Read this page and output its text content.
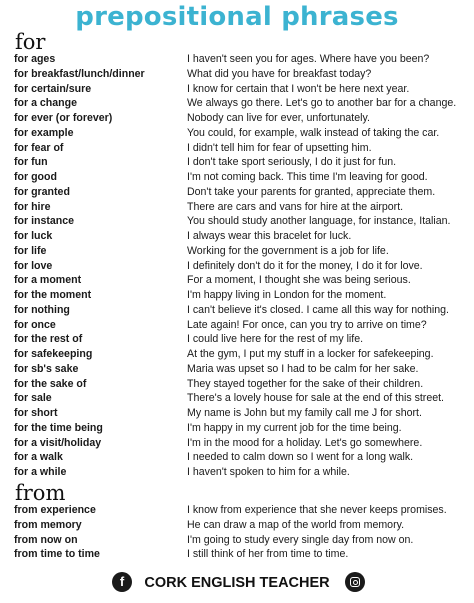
prepositional phrases
for
for ages	I haven't seen you for ages. Where have you been?
for breakfast/lunch/dinner	What did you have for breakfast today?
for certain/sure	I know for certain that I won't be here next year.
for a change	We always go there. Let's go to another bar for a change.
for ever (or forever)	Nobody can live for ever, unfortunately.
for example	You could, for example, walk instead of taking the car.
for fear of	I didn't tell him for fear of upsetting him.
for fun	I don't take sport seriously, I do it just for fun.
for good	I'm not coming back. This time I'm leaving for good.
for granted	Don't take your parents for granted, appreciate them.
for hire	There are cars and vans for hire at the airport.
for instance	You should study another language, for instance, Italian.
for luck	I always wear this bracelet for luck.
for life	Working for the government is a job for life.
for love	I definitely don't do it for the money, I do it for love.
for a moment	For a moment, I thought she was being serious.
for the moment	I'm happy living in London for the moment.
for nothing	I can't believe it's closed. I came all this way for nothing.
for once	Late again! For once, can you try to arrive on time?
for the rest of	I could live here for the rest of my life.
for safekeeping	At the gym, I put my stuff in a locker for safekeeping.
for sb's sake	Maria was upset so I had to be calm for her sake.
for the sake of	They stayed together for the sake of their children.
for sale	There's a lovely house for sale at the end of this street.
for short	My name is John but my family call me J for short.
for the time being	I'm happy in my current job for the time being.
for a visit/holiday	I'm in the mood for a holiday. Let's go somewhere.
for a walk	I needed to calm down so I went for a long walk.
for a while	I haven't spoken to him for a while.
from
from experience	I know from experience that she never keeps promises.
from memory	He can draw a map of the world from memory.
from now on	I'm going to study every single day from now on.
from time to time	I still think of her from time to time.
f	CORK ENGLISH TEACHER
